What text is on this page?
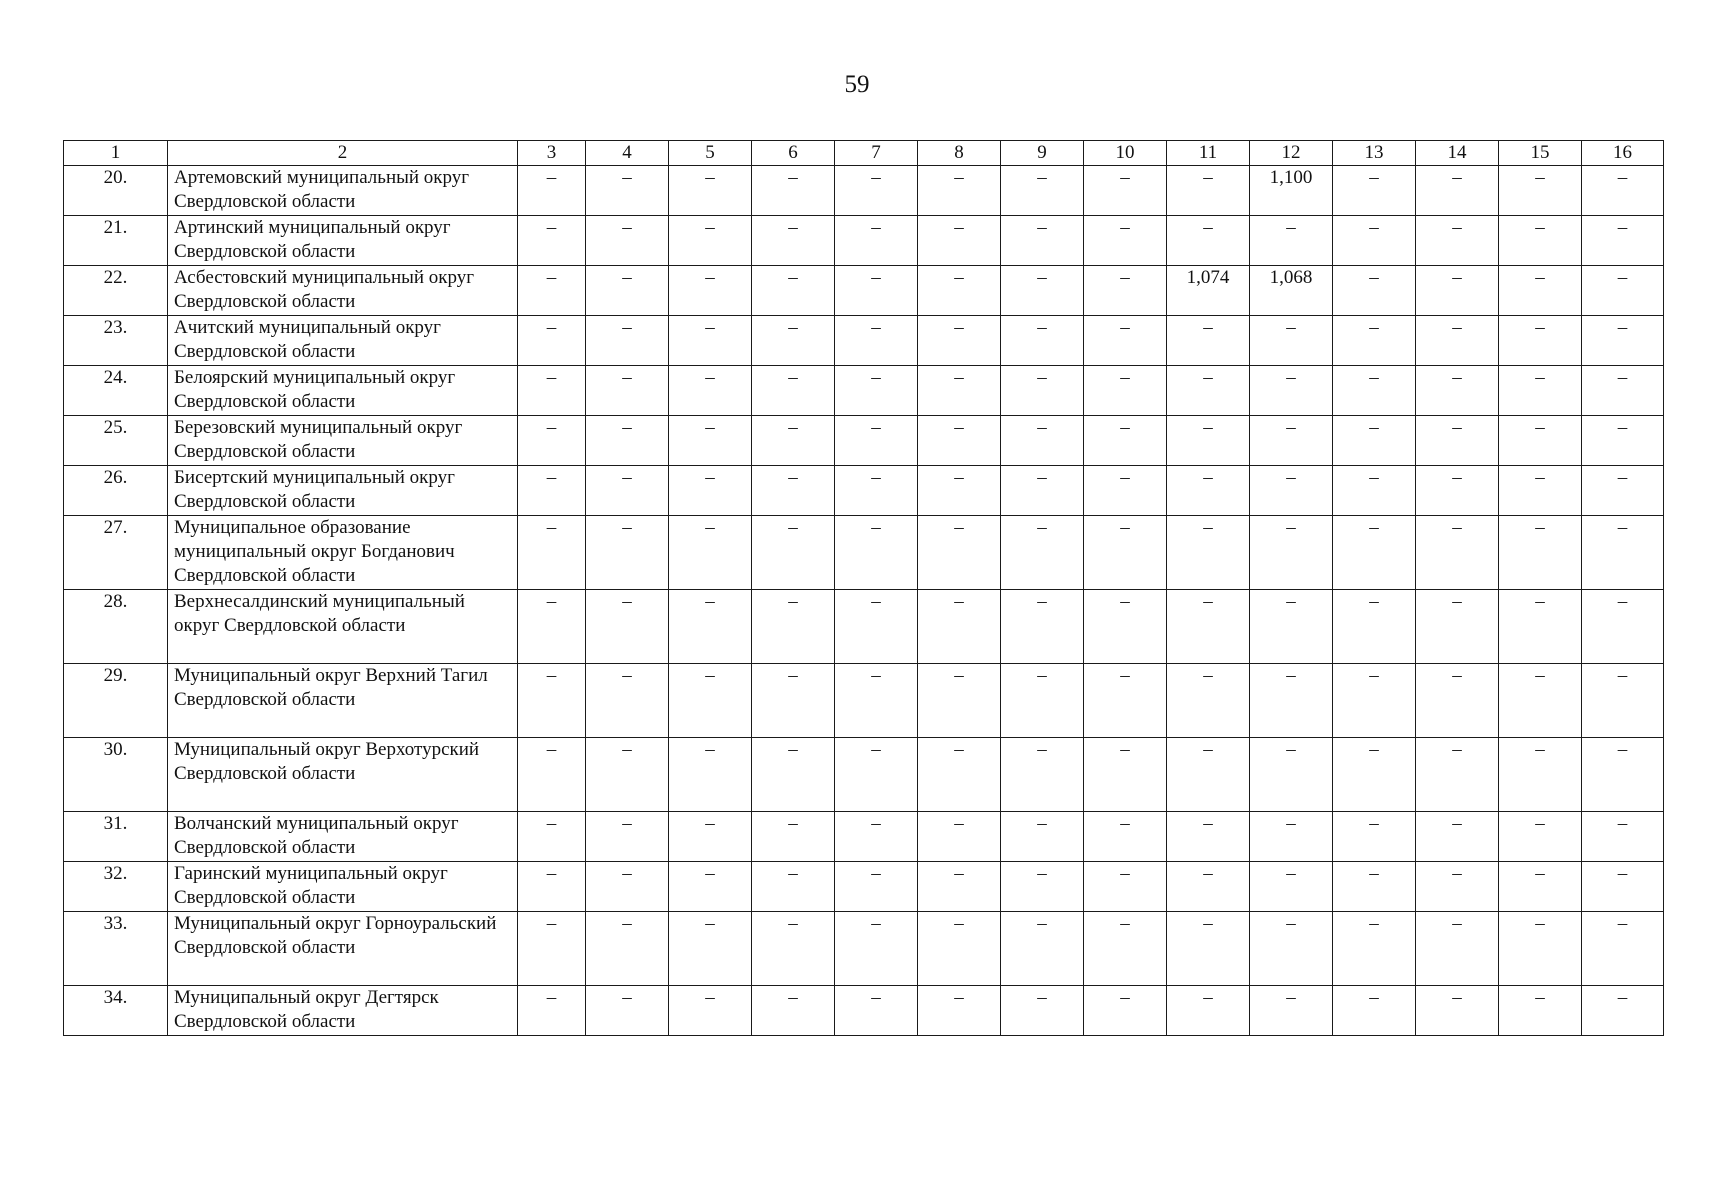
59
1	2	3	4	5	6	7	8	9	10	11	12	13	14	15	16
20.	Артемовский муниципальный округ Свердловской области	–	–	–	–	–	–	–	–	–	1,100	–	–	–	–
21.	Артинский муниципальный округ Свердловской области	–	–	–	–	–	–	–	–	–	–	–	–	–	–
22.	Асбестовский муниципальный округ Свердловской области	–	–	–	–	–	–	–	–	1,074	1,068	–	–	–	–
23.	Ачитский муниципальный округ Свердловской области	–	–	–	–	–	–	–	–	–	–	–	–	–	–
24.	Белоярский муниципальный округ Свердловской области	–	–	–	–	–	–	–	–	–	–	–	–	–	–
25.	Березовский муниципальный округ Свердловской области	–	–	–	–	–	–	–	–	–	–	–	–	–	–
26.	Бисертский муниципальный округ Свердловской области	–	–	–	–	–	–	–	–	–	–	–	–	–	–
27.	Муниципальное образование муниципальный округ Богданович Свердловской области	–	–	–	–	–	–	–	–	–	–	–	–	–	–
28.	Верхнесалдинский муниципальный округ Свердловской области	–	–	–	–	–	–	–	–	–	–	–	–	–	–
29.	Муниципальный округ Верхний Тагил Свердловской области	–	–	–	–	–	–	–	–	–	–	–	–	–	–
30.	Муниципальный округ Верхотурский Свердловской области	–	–	–	–	–	–	–	–	–	–	–	–	–	–
31.	Волчанский муниципальный округ Свердловской области	–	–	–	–	–	–	–	–	–	–	–	–	–	–
32.	Гаринский муниципальный округ Свердловской области	–	–	–	–	–	–	–	–	–	–	–	–	–	–
33.	Муниципальный округ Горноуральский Свердловской области	–	–	–	–	–	–	–	–	–	–	–	–	–	–
34.	Муниципальный округ Дегтярск Свердловской области	–	–	–	–	–	–	–	–	–	–	–	–	–	–
